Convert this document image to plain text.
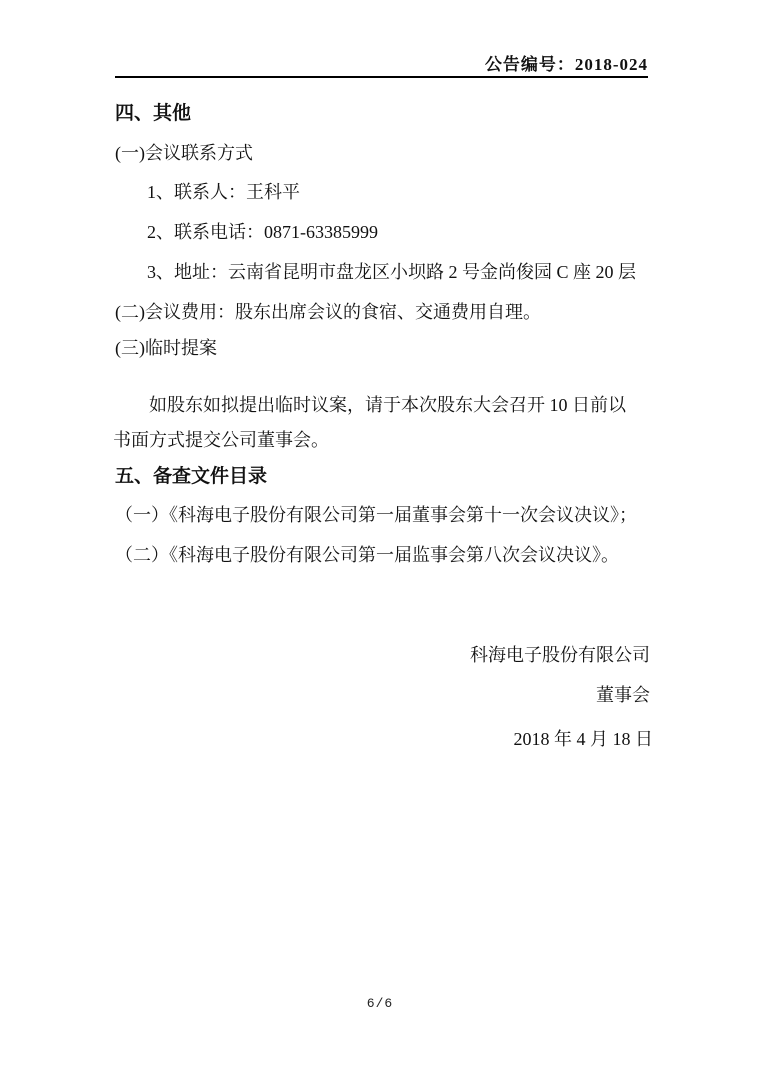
公告编号：2018-024
四、其他
(一)会议联系方式
1、联系人：王科平
2、联系电话：0871-63385999
3、地址：云南省昆明市盘龙区小坝路 2 号金尚俊园 C 座 20 层
(二)会议费用：股东出席会议的食宿、交通费用自理。
(三)临时提案
如股东如拟提出临时议案，请于本次股东大会召开 10 日前以书面方式提交公司董事会。
五、备查文件目录
（一）《科海电子股份有限公司第一届董事会第十一次会议决议》；
（二）《科海电子股份有限公司第一届监事会第八次会议决议》。
科海电子股份有限公司
董事会
2018 年 4 月 18 日
6/6
